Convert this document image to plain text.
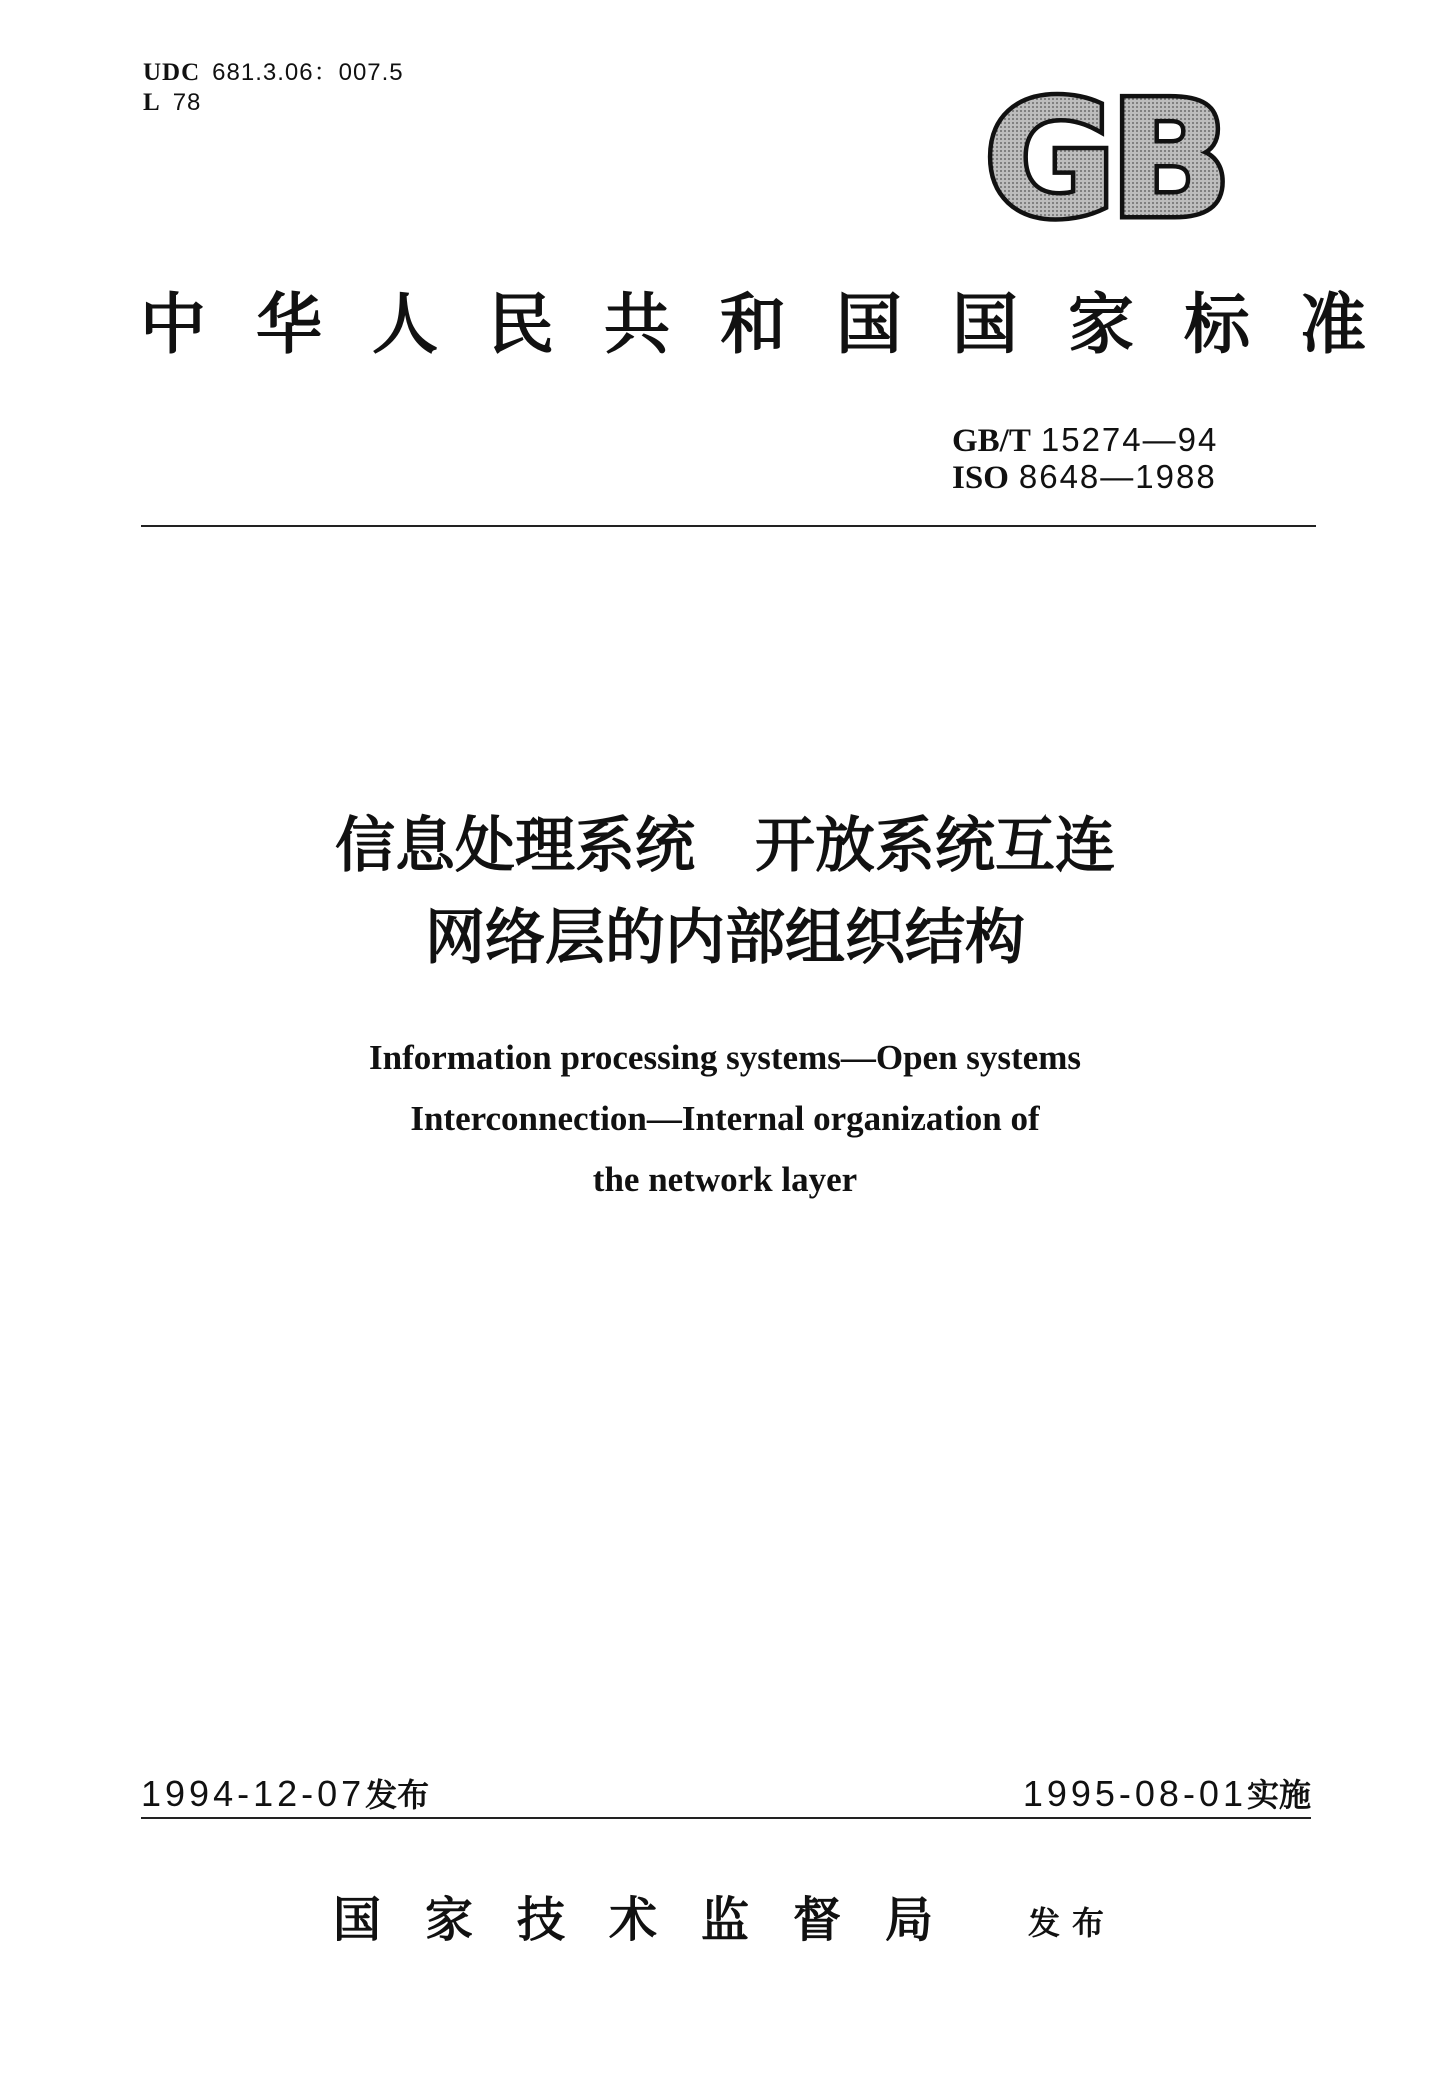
UDC 681.3.06：007.5
L 78	GB
中华人民共和国国家标准
GB/T 15274—94
ISO 8648—1988
信息处理系统　开放系统互连
网络层的内部组织结构
Information processing systems—Open systems
Interconnection—Internal organization of
the network layer
1994-12-07发布	1995-08-01实施
国家技术监督局 发布
